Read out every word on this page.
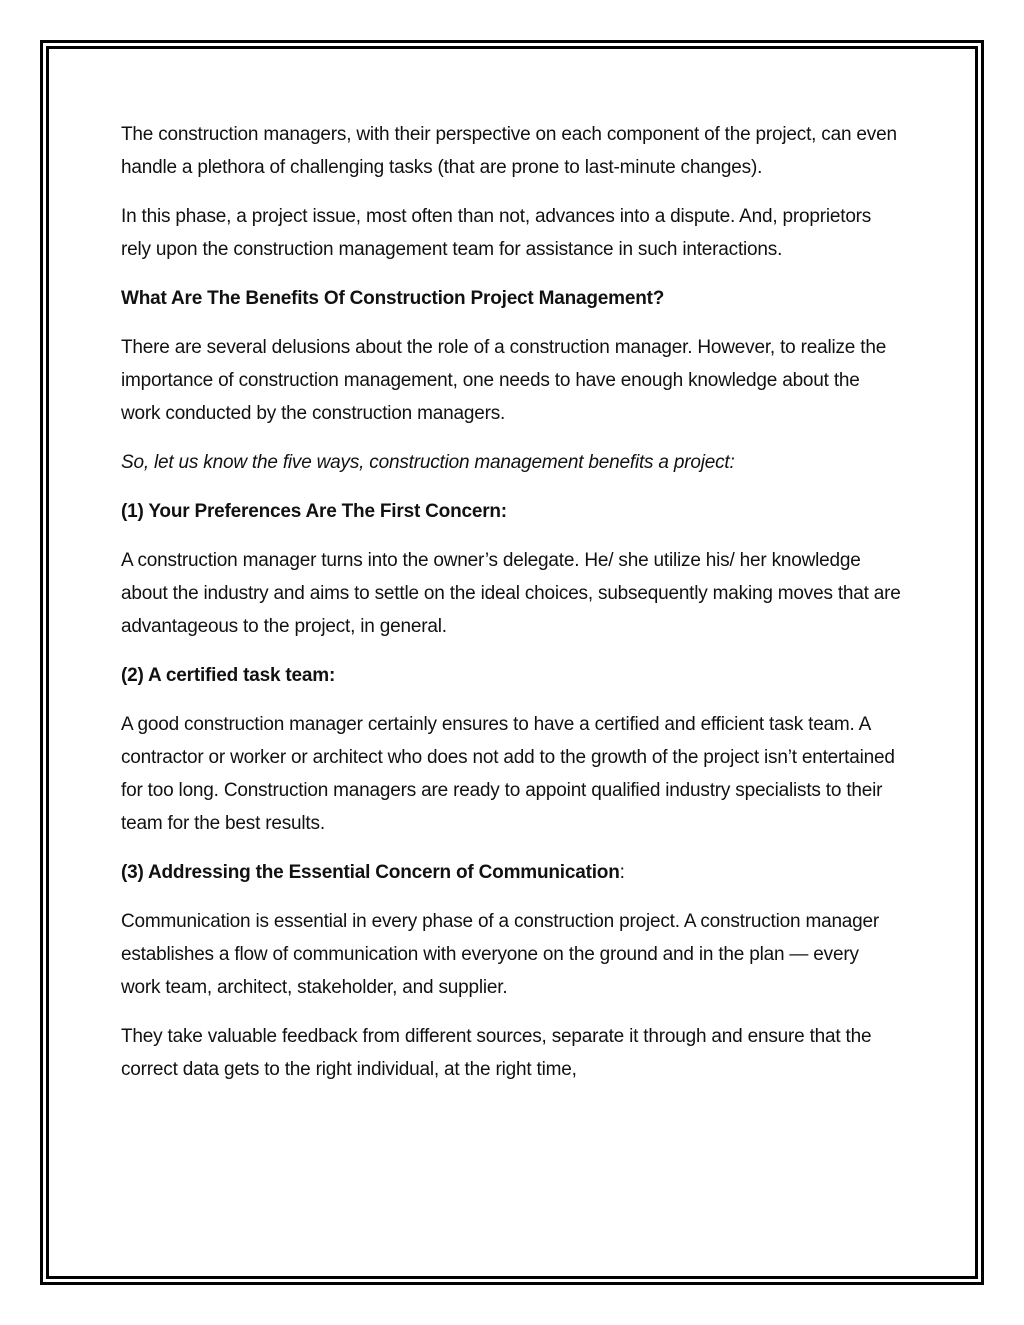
The construction managers, with their perspective on each component of the project, can even handle a plethora of challenging tasks (that are prone to last-minute changes).

In this phase, a project issue, most often than not, advances into a dispute. And, proprietors rely upon the construction management team for assistance in such interactions.

What Are The Benefits Of Construction Project Management?

There are several delusions about the role of a construction manager. However, to realize the importance of construction management, one needs to have enough knowledge about the work conducted by the construction managers.

So, let us know the five ways, construction management benefits a project:

(1) Your Preferences Are The First Concern:

A construction manager turns into the owner’s delegate. He/ she utilize his/ her knowledge about the industry and aims to settle on the ideal choices, subsequently making moves that are advantageous to the project, in general.

(2) A certified task team:

A good construction manager certainly ensures to have a certified and efficient task team. A contractor or worker or architect who does not add to the growth of the project isn’t entertained for too long. Construction managers are ready to appoint qualified industry specialists to their team for the best results.

(3) Addressing the Essential Concern of Communication:

Communication is essential in every phase of a construction project. A construction manager establishes a flow of communication with everyone on the ground and in the plan — every work team, architect, stakeholder, and supplier.

They take valuable feedback from different sources, separate it through and ensure that the correct data gets to the right individual, at the right time,
